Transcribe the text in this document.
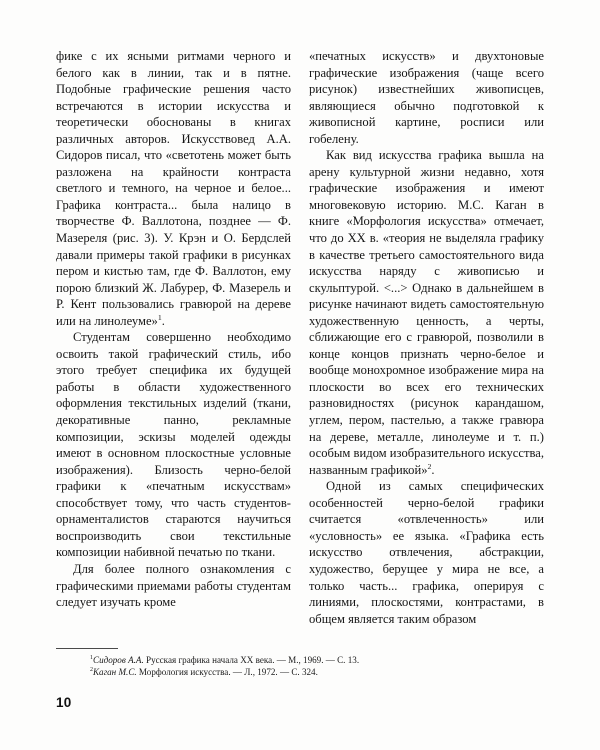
фике с их ясными ритмами черного и белого как в линии, так и в пятне. Подобные графические решения часто встречаются в истории искусства и теоретически обоснованы в книгах различных авторов. Искусствовед А.А. Сидоров писал, что «светотень может быть разложена на крайности контраста светлого и темного, на черное и белое... Графика контраста... была налицо в творчестве Ф. Валлотона, позднее — Ф. Мазереля (рис. 3). У. Крэн и О. Бердслей давали примеры такой графики в рисунках пером и кистью там, где Ф. Валлотон, ему порою близкий Ж. Лабурер, Ф. Мазерель и Р. Кент пользовались гравюрой на дереве или на линолеуме»$^1$.

Студентам совершенно необходимо освоить такой графический стиль, ибо этого требует специфика их будущей работы в области художественного оформления текстильных изделий (ткани, декоративные панно, рекламные композиции, эскизы моделей одежды имеют в основном плоскостные условные изображения). Близость черно-белой графики к «печатным искусствам» способствует тому, что часть студентов-орнаменталистов стараются научиться воспроизводить свои текстильные композиции набивной печатью по ткани.

Для более полного ознакомления с графическими приемами работы студентам следует изучать кроме

«печатных искусств» и двухтоновые графические изображения (чаще всего рисунок) известнейших живописцев, являющиеся обычно подготовкой к живописной картине, росписи или гобелену.

Как вид искусства графика вышла на арену культурной жизни недавно, хотя графические изображения и имеют многовековую историю. М.С. Каган в книге «Морфология искусства» отмечает, что до XX в. «теория не выделяла графику в качестве третьего самостоятельного вида искусства наряду с живописью и скульптурой. <...> Однако в дальнейшем в рисунке начинают видеть самостоятельную художественную ценность, а черты, сближающие его с гравюрой, позволили в конце концов признать черно-белое и вообще монохромное изображение мира на плоскости во всех его технических разновидностях (рисунок карандашом, углем, пером, пастелью, а также гравюра на дереве, металле, линолеуме и т. п.) особым видом изобразительного искусства, названным графикой»$^2$.

Одной из самых специфических особенностей черно-белой графики считается «отвлеченность» или «условность» ее языка. «Графика есть искусство отвлечения, абстракции, художество, берущее у мира не все, а только часть... графика, оперируя с линиями, плоскостями, контрастами, в общем является таким образом

$^1$Сидоров А.А. Русская графика начала XX века. — М., 1969. — С. 13.
$^2$Каган М.С. Морфология искусства. — Л., 1972. — С. 324.
10
